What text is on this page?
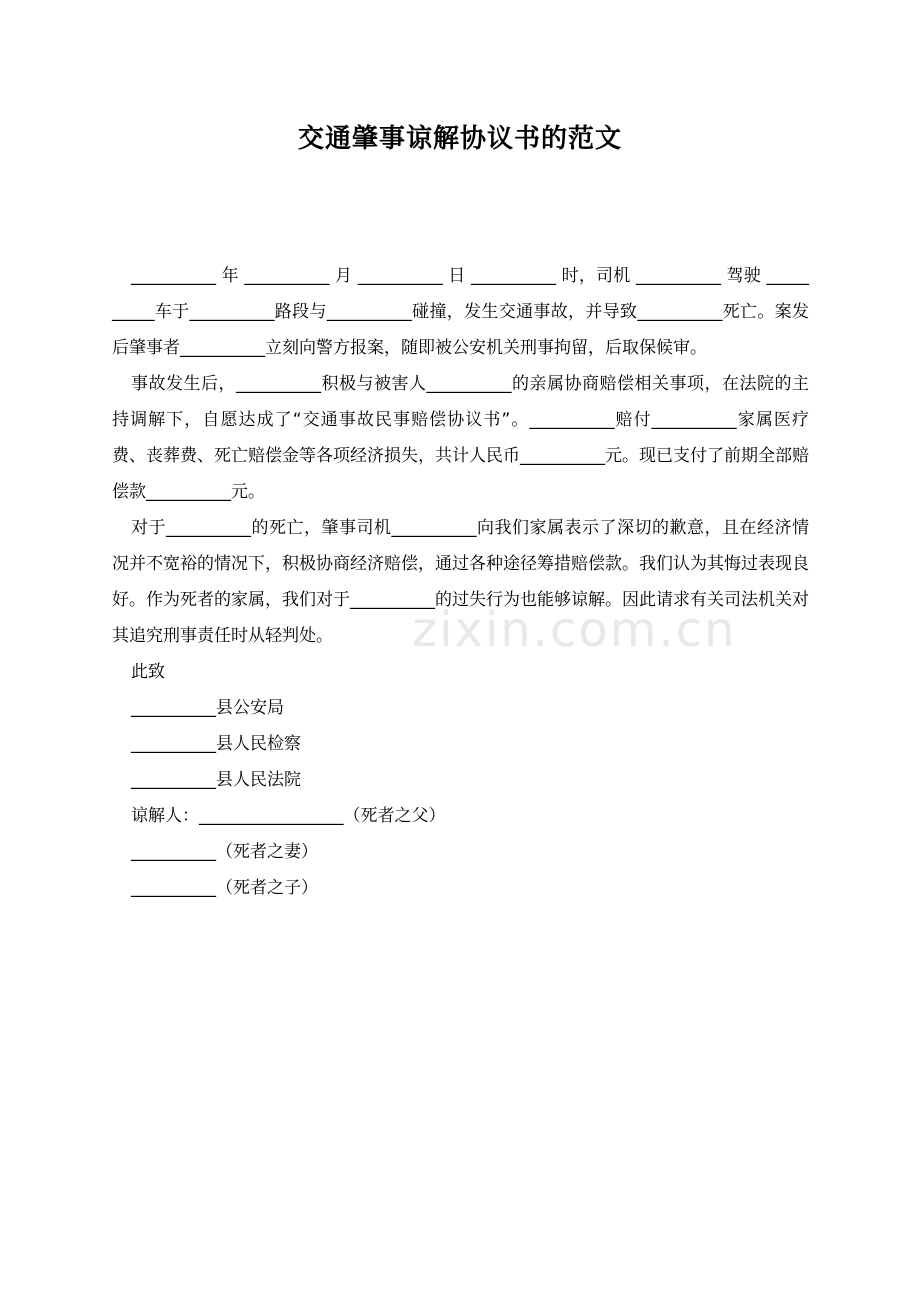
交通肇事谅解协议书的范文

__________ 年 __________ 月 __________ 日 __________ 时，司机 __________ 驾驶 __________车于__________路段与__________碰撞，发生交通事故，并导致__________死亡。案发后肇事者__________立刻向警方报案，随即被公安机关刑事拘留，后取保候审。

事故发生后，__________积极与被害人__________的亲属协商赔偿相关事项，在法院的主持调解下，自愿达成了“交通事故民事赔偿协议书”。__________赔付__________家属医疗费、丧葬费、死亡赔偿金等各项经济损失，共计人民币__________元。现已支付了前期全部赔偿款__________元。

对于__________的死亡，肇事司机__________向我们家属表示了深切的歉意，且在经济情况并不宽裕的情况下，积极协商经济赔偿，通过各种途径筹措赔偿款。我们认为其悔过表现良好。作为死者的家属，我们对于__________的过失行为也能够谅解。因此请求有关司法机关对其追究刑事责任时从轻判处。

此致

__________县公安局

__________县人民检察

__________县人民法院

谅解人：_________________（死者之父）

__________（死者之妻）

__________（死者之子）

zixin.com.cn
